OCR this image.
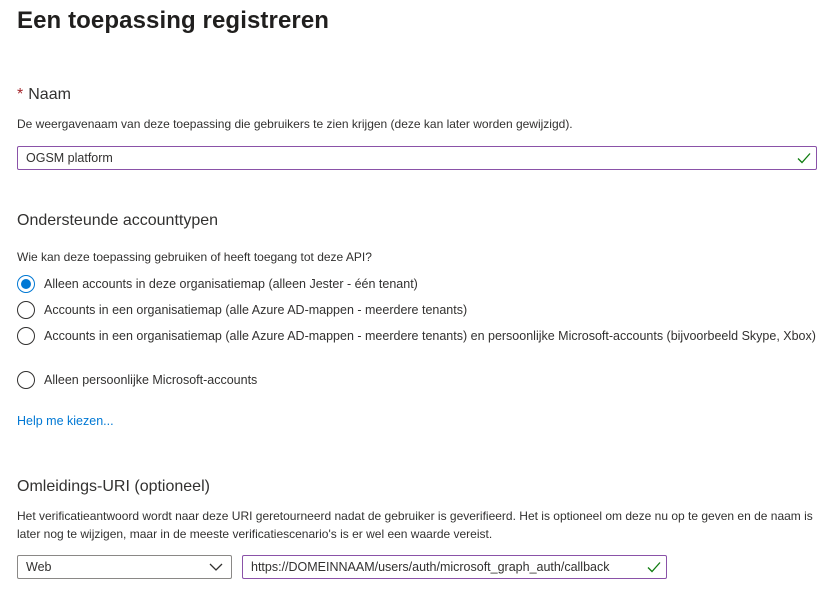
Een toepassing registreren
* Naam
De weergavenaam van deze toepassing die gebruikers te zien krijgen (deze kan later worden gewijzigd).
OGSM platform
Ondersteunde accounttypen
Wie kan deze toepassing gebruiken of heeft toegang tot deze API?
Alleen accounts in deze organisatiemap (alleen Jester - één tenant)
Accounts in een organisatiemap (alle Azure AD-mappen - meerdere tenants)
Accounts in een organisatiemap (alle Azure AD-mappen - meerdere tenants) en persoonlijke Microsoft-accounts (bijvoorbeeld Skype, Xbox)
Alleen persoonlijke Microsoft-accounts
Help me kiezen...
Omleidings-URI (optioneel)
Het verificatieantwoord wordt naar deze URI geretourneerd nadat de gebruiker is geverifieerd. Het is optioneel om deze nu op te geven en de naam is later nog te wijzigen, maar in de meeste verificatiescenario's is er wel een waarde vereist.
Web
https://DOMEINNAAM/users/auth/microsoft_graph_auth/callback
